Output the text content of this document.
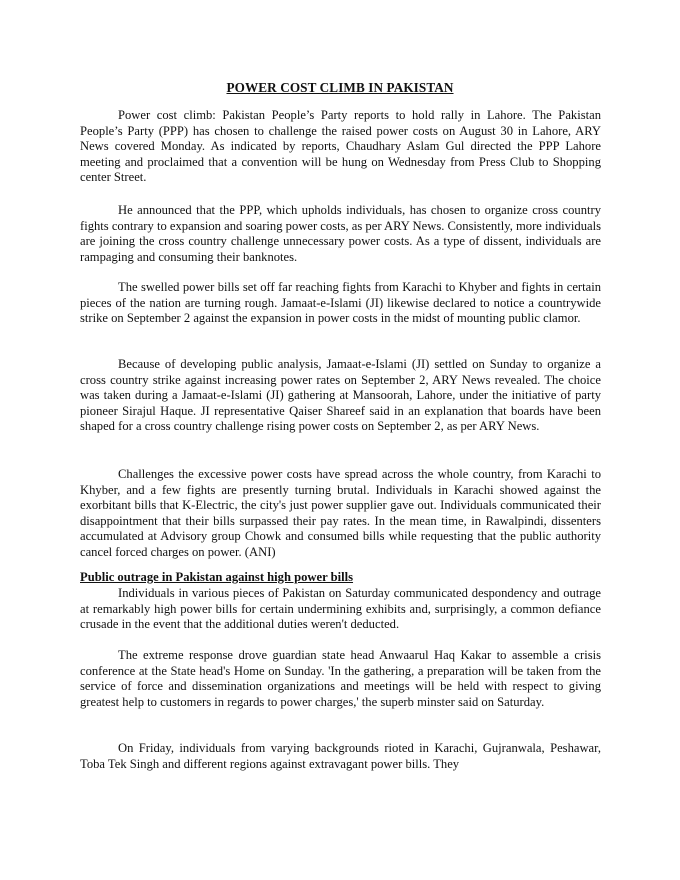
POWER COST CLIMB IN PAKISTAN

Power cost climb: Pakistan People’s Party reports to hold rally in Lahore. The Pakistan People’s Party (PPP) has chosen to challenge the raised power costs on August 30 in Lahore, ARY News covered Monday. As indicated by reports, Chaudhary Aslam Gul directed the PPP Lahore meeting and proclaimed that a convention will be hung on Wednesday from Press Club to Shopping center Street.

He announced that the PPP, which upholds individuals, has chosen to organize cross country fights contrary to expansion and soaring power costs, as per ARY News. Consistently, more individuals are joining the cross country challenge unnecessary power costs. As a type of dissent, individuals are rampaging and consuming their banknotes.

The swelled power bills set off far reaching fights from Karachi to Khyber and fights in certain pieces of the nation are turning rough. Jamaat-e-Islami (JI) likewise declared to notice a countrywide strike on September 2 against the expansion in power costs in the midst of mounting public clamor.

Because of developing public analysis, Jamaat-e-Islami (JI) settled on Sunday to organize a cross country strike against increasing power rates on September 2, ARY News revealed. The choice was taken during a Jamaat-e-Islami (JI) gathering at Mansoorah, Lahore, under the initiative of party pioneer Sirajul Haque. JI representative Qaiser Shareef said in an explanation that boards have been shaped for a cross country challenge rising power costs on September 2, as per ARY News.

Challenges the excessive power costs have spread across the whole country, from Karachi to Khyber, and a few fights are presently turning brutal. Individuals in Karachi showed against the exorbitant bills that K-Electric, the city's just power supplier gave out. Individuals communicated their disappointment that their bills surpassed their pay rates. In the mean time, in Rawalpindi, dissenters accumulated at Advisory group Chowk and consumed bills while requesting that the public authority cancel forced charges on power. (ANI)

Public outrage in Pakistan against high power bills

Individuals in various pieces of Pakistan on Saturday communicated despondency and outrage at remarkably high power bills for certain undermining exhibits and, surprisingly, a common defiance crusade in the event that the additional duties weren't deducted.

The extreme response drove guardian state head Anwaarul Haq Kakar to assemble a crisis conference at the State head's Home on Sunday. 'In the gathering, a preparation will be taken from the service of force and dissemination organizations and meetings will be held with respect to giving greatest help to customers in regards to power charges,' the superb minster said on Saturday.

On Friday, individuals from varying backgrounds rioted in Karachi, Gujranwala, Peshawar, Toba Tek Singh and different regions against extravagant power bills. They
